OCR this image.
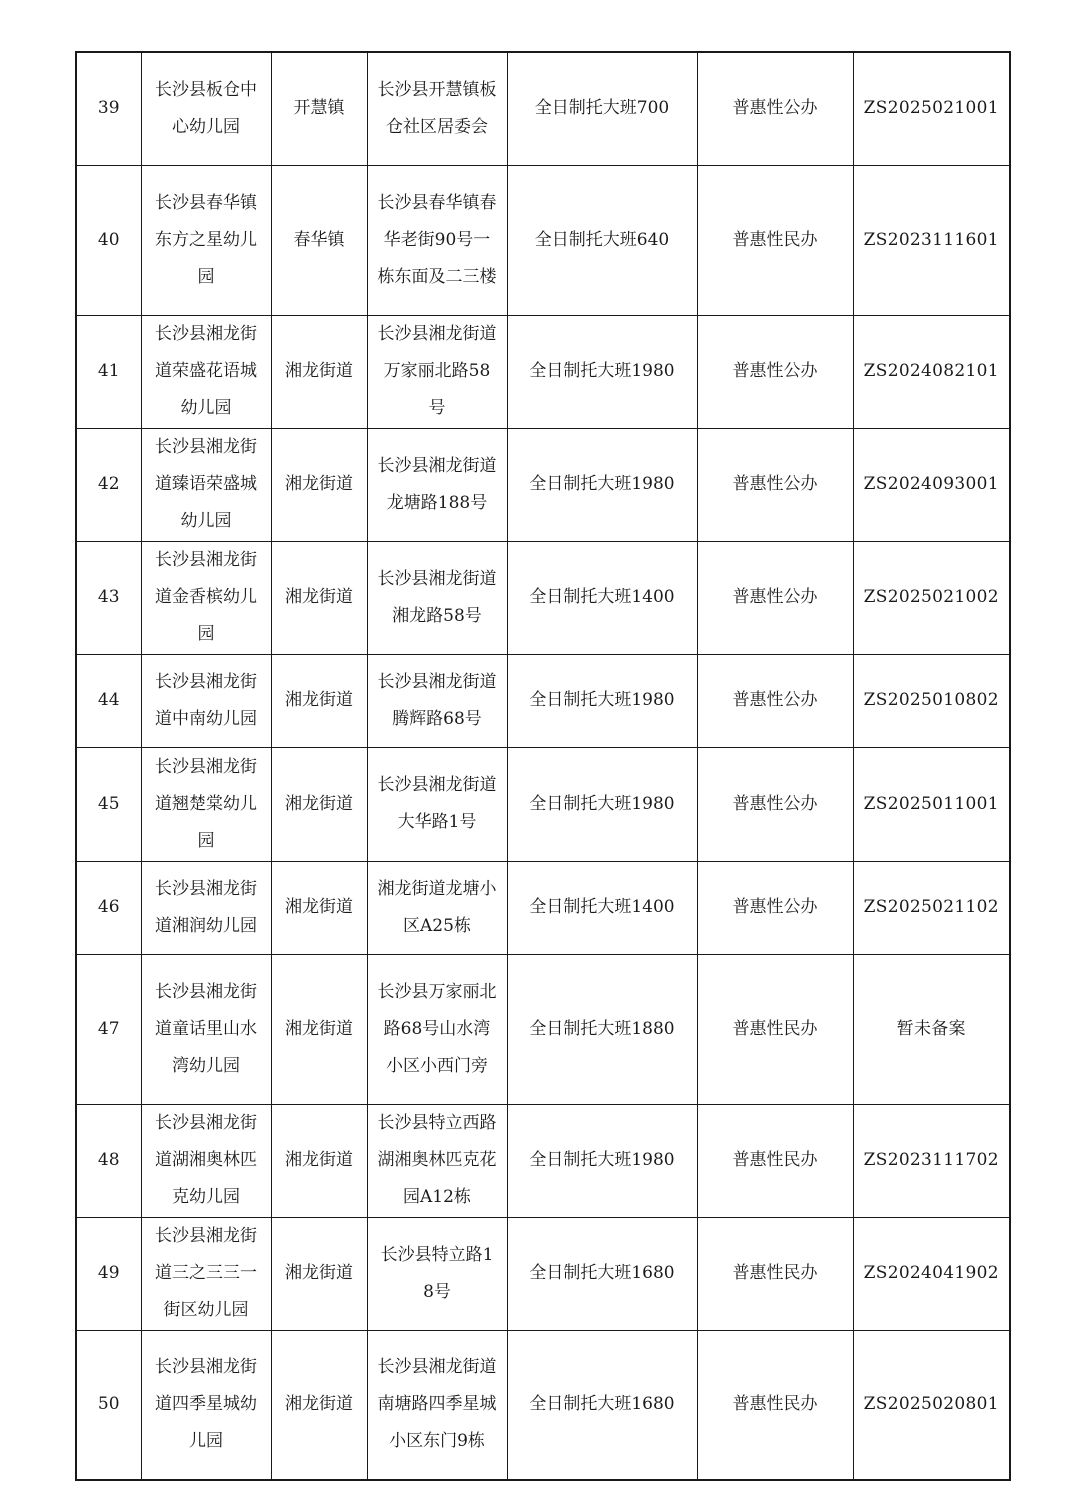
39	长沙县板仓中心幼儿园	开慧镇	长沙县开慧镇板仓社区居委会	全日制托大班700	普惠性公办	ZS2025021001
40	长沙县春华镇东方之星幼儿园	春华镇	长沙县春华镇春华老街90号一栋东面及二三楼	全日制托大班640	普惠性民办	ZS2023111601
41	长沙县湘龙街道荣盛花语城幼儿园	湘龙街道	长沙县湘龙街道万家丽北路58号	全日制托大班1980	普惠性公办	ZS2024082101
42	长沙县湘龙街道臻语荣盛城幼儿园	湘龙街道	长沙县湘龙街道龙塘路188号	全日制托大班1980	普惠性公办	ZS2024093001
43	长沙县湘龙街道金香槟幼儿园	湘龙街道	长沙县湘龙街道湘龙路58号	全日制托大班1400	普惠性公办	ZS2025021002
44	长沙县湘龙街道中南幼儿园	湘龙街道	长沙县湘龙街道腾辉路68号	全日制托大班1980	普惠性公办	ZS2025010802
45	长沙县湘龙街道翘楚棠幼儿园	湘龙街道	长沙县湘龙街道大华路1号	全日制托大班1980	普惠性公办	ZS2025011001
46	长沙县湘龙街道湘润幼儿园	湘龙街道	湘龙街道龙塘小区A25栋	全日制托大班1400	普惠性公办	ZS2025021102
47	长沙县湘龙街道童话里山水湾幼儿园	湘龙街道	长沙县万家丽北路68号山水湾小区小西门旁	全日制托大班1880	普惠性民办	暂未备案
48	长沙县湘龙街道湖湘奥林匹克幼儿园	湘龙街道	长沙县特立西路湖湘奥林匹克花园A12栋	全日制托大班1980	普惠性民办	ZS2023111702
49	长沙县湘龙街道三之三三一街区幼儿园	湘龙街道	长沙县特立路18号	全日制托大班1680	普惠性民办	ZS2024041902
50	长沙县湘龙街道四季星城幼儿园	湘龙街道	长沙县湘龙街道南塘路四季星城小区东门9栋	全日制托大班1680	普惠性民办	ZS2025020801
